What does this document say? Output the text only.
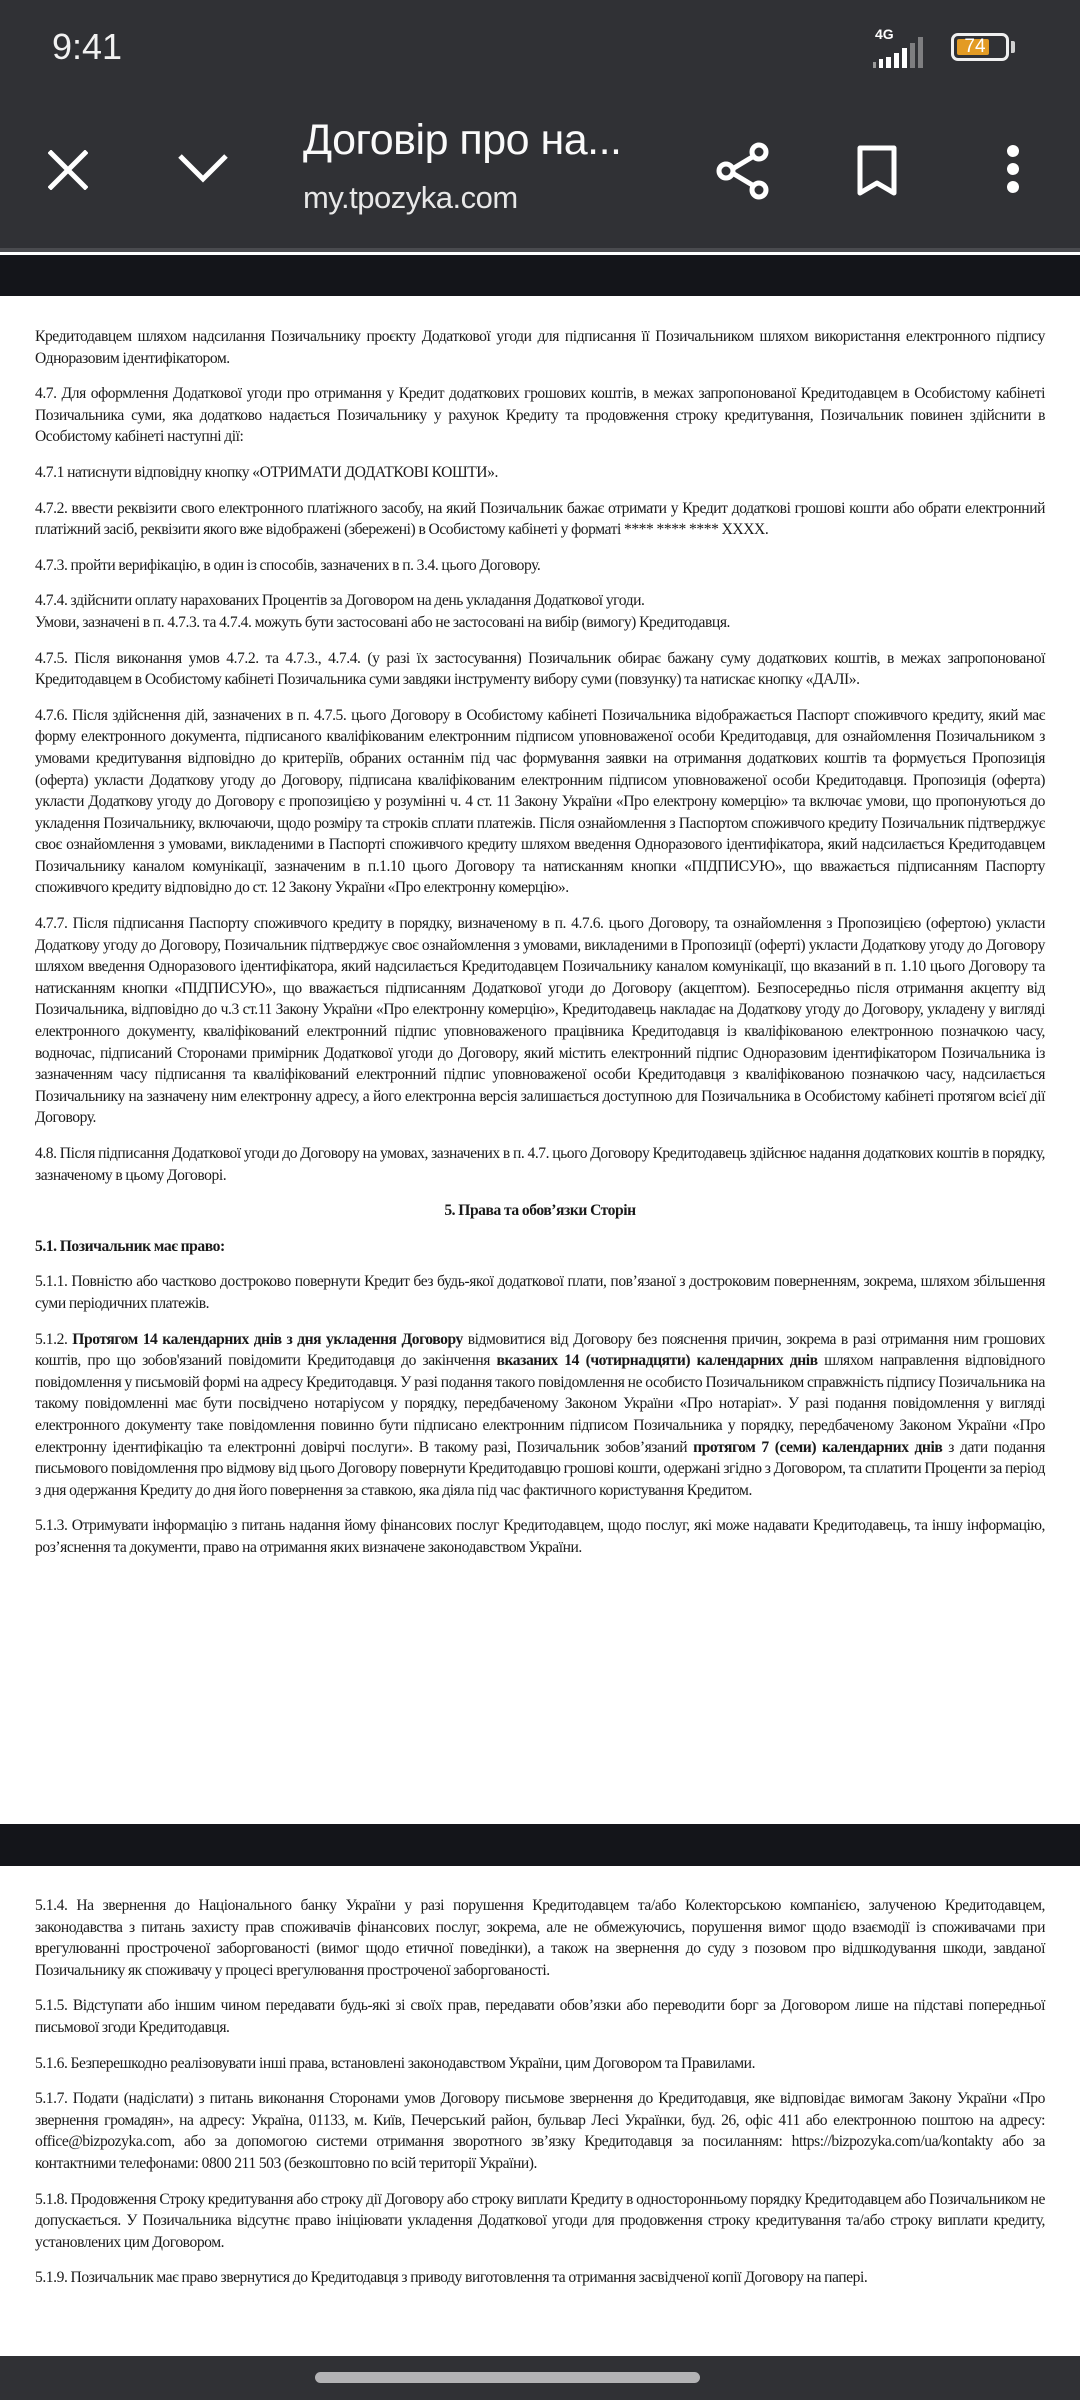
9:41	4G
74
Договір про на...
my.tpozyka.com

Кредитодавцем шляхом надсилання Позичальнику проєкту Додаткової угоди для підписання її Позичальником шляхом використання електронного підпису Одноразовим ідентифікатором.

4.7. Для оформлення Додаткової угоди про отримання у Кредит додаткових грошових коштів, в межах запропонованої Кредитодавцем в Особистому кабінеті Позичальника суми, яка додатково надається Позичальнику у рахунок Кредиту та продовження строку кредитування, Позичальник повинен здійснити в Особистому кабінеті наступні дії:

4.7.1 натиснути відповідну кнопку «ОТРИМАТИ ДОДАТКОВІ КОШТИ».

4.7.2. ввести реквізити свого електронного платіжного засобу, на який Позичальник бажає отримати у Кредит додаткові грошові кошти або обрати електронний платіжний засіб, реквізити якого вже відображені (збережені) в Особистому кабінеті у форматі **** **** **** XXXX.

4.7.3. пройти верифікацію, в один із способів, зазначених в п. 3.4. цього Договору.

4.7.4. здійснити оплату нарахованих Процентів за Договором на день укладання Додаткової угоди.

Умови, зазначені в п. 4.7.3. та 4.7.4. можуть бути застосовані або не застосовані на вибір (вимогу) Кредитодавця.

4.7.5. Після виконання умов 4.7.2. та 4.7.3., 4.7.4. (у разі їх застосування) Позичальник обирає бажану суму додаткових коштів, в межах запропонованої Кредитодавцем в Особистому кабінеті Позичальника суми завдяки інструменту вибору суми (повзунку) та натискає кнопку «ДАЛІ».

4.7.6. Після здійснення дій, зазначених в п. 4.7.5. цього Договору в Особистому кабінеті Позичальника відображається Паспорт споживчого кредиту, який має форму електронного документа, підписаного кваліфікованим електронним підписом уповноваженої особи Кредитодавця, для ознайомлення Позичальником з умовами кредитування відповідно до критеріїв, обраних останнім під час формування заявки на отримання додаткових коштів та формується Пропозиція (оферта) укласти Додаткову угоду до Договору, підписана кваліфікованим електронним підписом уповноваженої особи Кредитодавця. Пропозиція (оферта) укласти Додаткову угоду до Договору є пропозицією у розумінні ч. 4 ст. 11 Закону України «Про електрону комерцію» та включає умови, що пропонуються до укладення Позичальнику, включаючи, щодо розміру та строків сплати платежів. Після ознайомлення з Паспортом споживчого кредиту Позичальник підтверджує своє ознайомлення з умовами, викладеними в Паспорті споживчого кредиту шляхом введення Одноразового ідентифікатора, який надсилається Кредитодавцем Позичальнику каналом комунікації, зазначеним в п.1.10 цього Договору та натисканням кнопки «ПІДПИСУЮ», що вважається підписанням Паспорту споживчого кредиту відповідно до ст. 12 Закону України «Про електронну комерцію».

4.7.7. Після підписання Паспорту споживчого кредиту в порядку, визначеному в п. 4.7.6. цього Договору, та ознайомлення з Пропозицією (офертою) укласти Додаткову угоду до Договору, Позичальник підтверджує своє ознайомлення з умовами, викладеними в Пропозиції (оферті) укласти Додаткову угоду до Договору шляхом введення Одноразового ідентифікатора, який надсилається Кредитодавцем Позичальнику каналом комунікації, що вказаний в п. 1.10 цього Договору та натисканням кнопки «ПІДПИСУЮ», що вважається підписанням Додаткової угоди до Договору (акцептом). Безпосередньо після отримання акцепту від Позичальника, відповідно до ч.3 ст.11 Закону України «Про електронну комерцію», Кредитодавець накладає на Додаткову угоду до Договору, укладену у вигляді електронного документу, кваліфікований електронний підпис уповноваженого працівника Кредитодавця із кваліфікованою електронною позначкою часу, водночас, підписаний Сторонами примірник Додаткової угоди до Договору, який містить електронний підпис Одноразовим ідентифікатором Позичальника із зазначенням часу підписання та кваліфікований електронний підпис уповноваженої особи Кредитодавця з кваліфікованою позначкою часу, надсилається Позичальнику на зазначену ним електронну адресу, а його електронна версія залишається доступною для Позичальника в Особистому кабінеті протягом всієї дії Договору.

4.8. Після підписання Додаткової угоди до Договору на умовах, зазначених в п. 4.7. цього Договору Кредитодавець здійснює надання додаткових коштів в порядку, зазначеному в цьому Договорі.

5. Права та обов’язки Сторін

5.1. Позичальник має право:

5.1.1. Повністю або частково достроково повернути Кредит без будь-якої додаткової плати, пов’язаної з достроковим поверненням, зокрема, шляхом збільшення суми періодичних платежів.

5.1.2. Протягом 14 календарних днів з дня укладення Договору відмовитися від Договору без пояснення причин, зокрема в разі отримання ним грошових коштів, про що зобов'язаний повідомити Кредитодавця до закінчення вказаних 14 (чотирнадцяти) календарних днів шляхом направлення відповідного повідомлення у письмовій формі на адресу Кредитодавця. У разі подання такого повідомлення не особисто Позичальником справжність підпису Позичальника на такому повідомленні має бути посвідчено нотаріусом у порядку, передбаченому Законом України «Про нотаріат». У разі подання повідомлення у вигляді електронного документу таке повідомлення повинно бути підписано електронним підписом Позичальника у порядку, передбаченому Законом України «Про електронну ідентифікацію та електронні довірчі послуги». В такому разі, Позичальник зобов’язаний протягом 7 (семи) календарних днів з дати подання письмового повідомлення про відмову від цього Договору повернути Кредитодавцю грошові кошти, одержані згідно з Договором, та сплатити Проценти за період з дня одержання Кредиту до дня його повернення за ставкою, яка діяла під час фактичного користування Кредитом.

5.1.3. Отримувати інформацію з питань надання йому фінансових послуг Кредитодавцем, щодо послуг, які може надавати Кредитодавець, та іншу інформацію, роз’яснення та документи, право на отримання яких визначене законодавством України.

5.1.4. На звернення до Національного банку України у разі порушення Кредитодавцем та/або Колекторською компанією, залученою Кредитодавцем, законодавства з питань захисту прав споживачів фінансових послуг, зокрема, але не обмежуючись, порушення вимог щодо взаємодії із споживачами при врегулюванні простроченої заборгованості (вимог щодо етичної поведінки), а також на звернення до суду з позовом про відшкодування шкоди, завданої Позичальнику як споживачу у процесі врегулювання простроченої заборгованості.

5.1.5. Відступати або іншим чином передавати будь-які зі своїх прав, передавати обов’язки або переводити борг за Договором лише на підставі попередньої письмової згоди Кредитодавця.

5.1.6. Безперешкодно реалізовувати інші права, встановлені законодавством України, цим Договором та Правилами.

5.1.7. Подати (надіслати) з питань виконання Сторонами умов Договору письмове звернення до Кредитодавця, яке відповідає вимогам Закону України «Про звернення громадян», на адресу: Україна, 01133, м. Київ, Печерський район, бульвар Лесі Українки, буд. 26, офіс 411 або електронною поштою на адресу: office@bizpozyka.com, або за допомогою системи отримання зворотного зв’язку Кредитодавця за посиланням: https://bizpozyka.com/ua/kontakty або за контактними телефонами: 0800 211 503 (безкоштовно по всій території України).

5.1.8. Продовження Строку кредитування або строку дії Договору або строку виплати Кредиту в односторонньому порядку Кредитодавцем або Позичальником не допускається. У Позичальника відсутнє право ініціювати укладення Додаткової угоди для продовження строку кредитування та/або строку виплати кредиту, установлених цим Договором.

5.1.9. Позичальник має право звернутися до Кредитодавця з приводу виготовлення та отримання засвідченої копії Договору на папері.
